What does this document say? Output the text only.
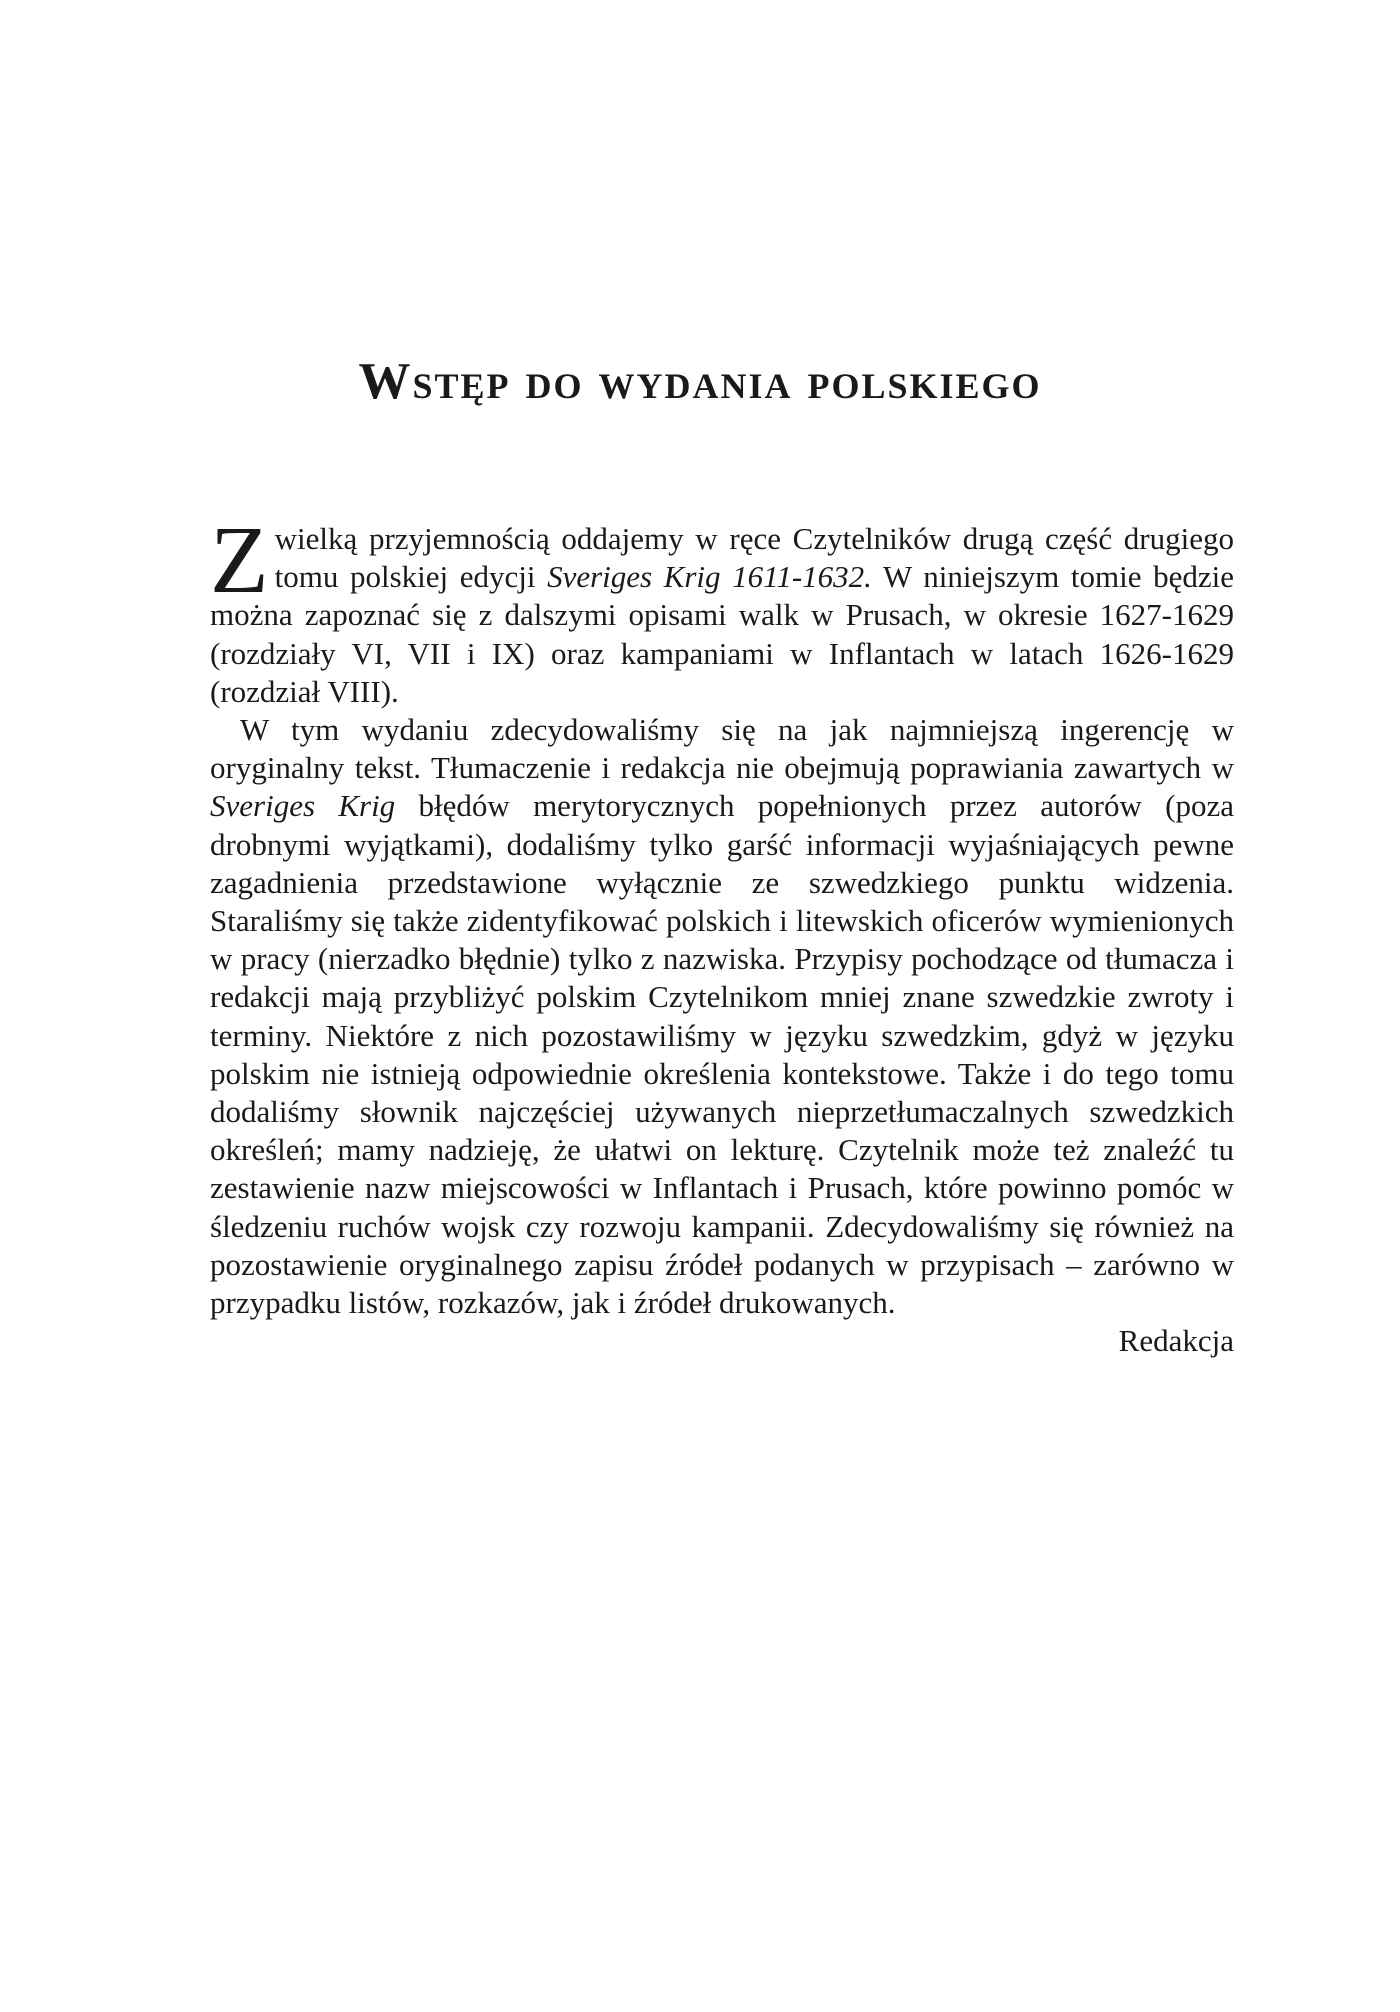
Wstęp do wydania polskiego

Z wielką przyjemnością oddajemy w ręce Czytelników drugą część drugiego tomu polskiej edycji Sveriges Krig 1611-1632. W niniejszym tomie będzie można zapoznać się z dalszymi opisami walk w Prusach, w okresie 1627-1629 (rozdziały VI, VII i IX) oraz kampaniami w Inflantach w latach 1626-1629 (rozdział VIII).

W tym wydaniu zdecydowaliśmy się na jak najmniejszą ingerencję w oryginalny tekst. Tłumaczenie i redakcja nie obejmują poprawiania zawartych w Sveriges Krig błędów merytorycznych popełnionych przez autorów (poza drobnymi wyjątkami), dodaliśmy tylko garść informacji wyjaśniających pewne zagadnienia przedstawione wyłącznie ze szwedzkiego punktu widzenia. Staraliśmy się także zidentyfikować polskich i litewskich oficerów wymienionych w pracy (nierzadko błędnie) tylko z nazwiska. Przypisy pochodzące od tłumacza i redakcji mają przybliżyć polskim Czytelnikom mniej znane szwedzkie zwroty i terminy. Niektóre z nich pozostawiliśmy w języku szwedzkim, gdyż w języku polskim nie istnieją odpowiednie określenia kontekstowe. Także i do tego tomu dodaliśmy słownik najczęściej używanych nieprzetłumaczalnych szwedzkich określeń; mamy nadzieję, że ułatwi on lekturę. Czytelnik może też znaleźć tu zestawienie nazw miejscowości w Inflantach i Prusach, które powinno pomóc w śledzeniu ruchów wojsk czy rozwoju kampanii. Zdecydowaliśmy się również na pozostawienie oryginalnego zapisu źródeł podanych w przypisach – zarówno w przypadku listów, rozkazów, jak i źródeł drukowanych.

Redakcja
